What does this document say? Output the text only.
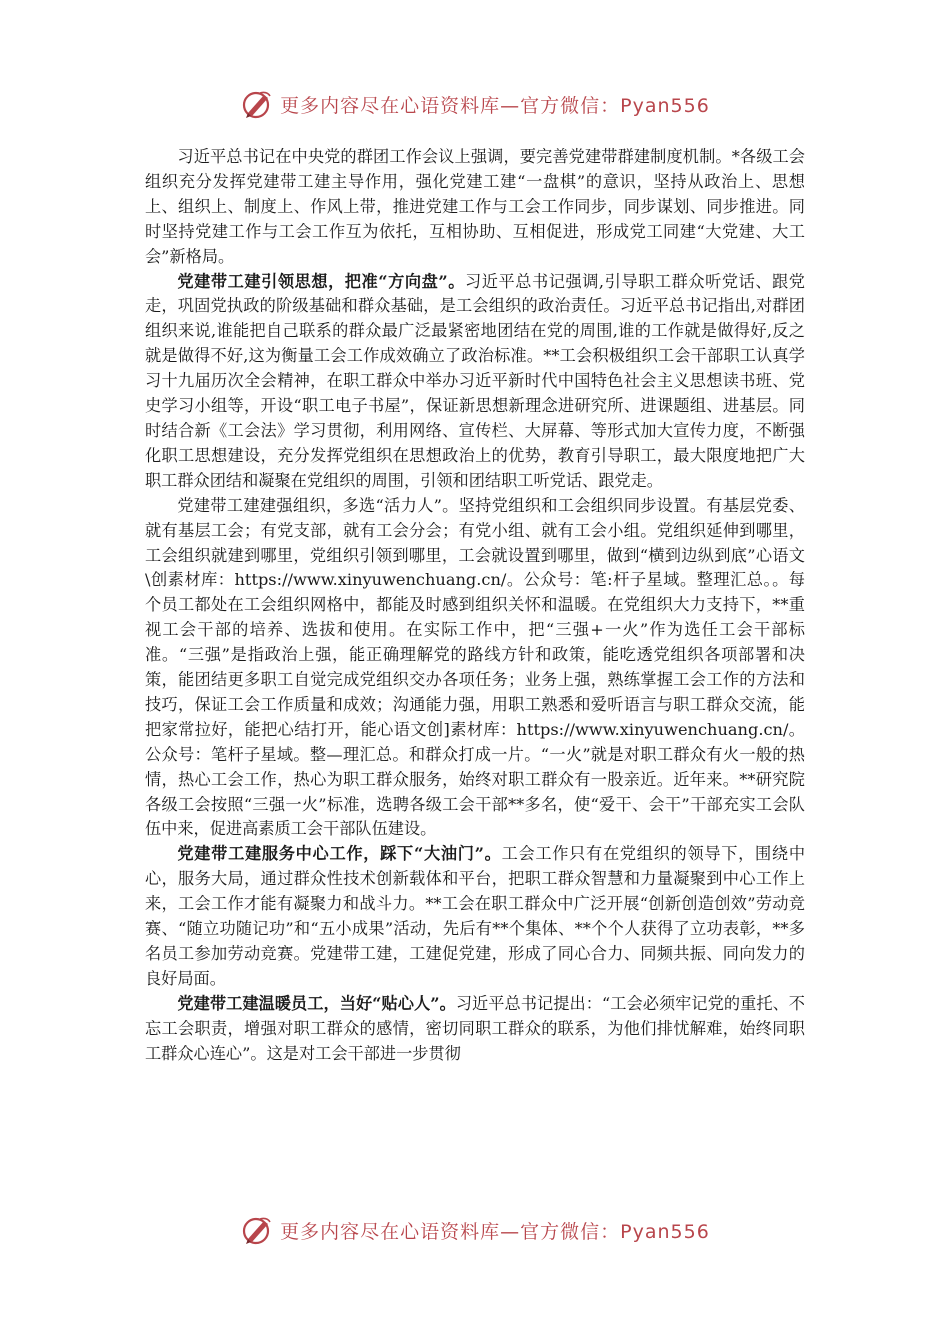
更多内容尽在心语资料库—官方微信：Pyan556

习近平总书记在中央党的群团工作会议上强调，要完善党建带群建制度机制。*各级工会组织充分发挥党建带工建主导作用，强化党建工建“一盘棋”的意识，坚持从政治上、思想上、组织上、制度上、作风上带，推进党建工作与工会工作同步，同步谋划、同步推进。同时坚持党建工作与工会工作互为依托，互相协助、互相促进，形成党工同建“大党建、大工会”新格局。

党建带工建引领思想，把准“方向盘”。习近平总书记强调,引导职工群众听党话、跟党走，巩固党执政的阶级基础和群众基础，是工会组织的政治责任。习近平总书记指出,对群团组织来说,谁能把自己联系的群众最广泛最紧密地团结在党的周围,谁的工作就是做得好,反之就是做得不好,这为衡量工会工作成效确立了政治标准。**工会积极组织工会干部职工认真学习十九届历次全会精神，在职工群众中举办习近平新时代中国特色社会主义思想读书班、党史学习小组等，开设“职工电子书屋”，保证新思想新理念进研究所、进课题组、进基层。同时结合新《工会法》学习贯彻，利用网络、宣传栏、大屏幕、等形式加大宣传力度，不断强化职工思想建设，充分发挥党组织在思想政治上的优势，教育引导职工，最大限度地把广大职工群众团结和凝聚在党组织的周围，引领和团结职工听党话、跟党走。

党建带工建建强组织，多选“活力人”。坚持党组织和工会组织同步设置。有基层党委、就有基层工会；有党支部，就有工会分会；有党小组、就有工会小组。党组织延伸到哪里，工会组织就建到哪里，党组织引领到哪里，工会就设置到哪里，做到“横到边纵到底”心语文\创素材库：https://www.xinyuwenchuang.cn/。公众号：笔:杆子星域。整理汇总。。每个员工都处在工会组织网格中，都能及时感到组织关怀和温暖。在党组织大力支持下，**重视工会干部的培养、选拔和使用。在实际工作中，把“三强+一火”作为选任工会干部标准。“三强”是指政治上强，能正确理解党的路线方针和政策，能吃透党组织各项部署和决策，能团结更多职工自觉完成党组织交办各项任务；业务上强，熟练掌握工会工作的方法和技巧，保证工会工作质量和成效；沟通能力强，用职工熟悉和爱听语言与职工群众交流，能把家常拉好，能把心结打开，能心语文创]素材库：https://www.xinyuwenchuang.cn/。公众号：笔杆子星域。整—理汇总。和群众打成一片。“一火”就是对职工群众有火一般的热情，热心工会工作，热心为职工群众服务，始终对职工群众有一股亲近。近年来。**研究院各级工会按照“三强一火”标准，选聘各级工会干部**多名，使“爱干、会干”干部充实工会队伍中来，促进高素质工会干部队伍建设。

党建带工建服务中心工作，踩下“大油门”。工会工作只有在党组织的领导下，围绕中心，服务大局，通过群众性技术创新载体和平台，把职工群众智慧和力量凝聚到中心工作上来，工会工作才能有凝聚力和战斗力。**工会在职工群众中广泛开展“创新创造创效”劳动竞赛、“随立功随记功”和“五小成果”活动，先后有**个集体、**个个人获得了立功表彰，**多名员工参加劳动竞赛。党建带工建，工建促党建，形成了同心合力、同频共振、同向发力的良好局面。

党建带工建温暖员工，当好“贴心人”。习近平总书记提出：“工会必须牢记党的重托、不忘工会职责，增强对职工群众的感情，密切同职工群众的联系，为他们排忧解难，始终同职工群众心连心”。这是对工会干部进一步贯彻

更多内容尽在心语资料库—官方微信：Pyan556
